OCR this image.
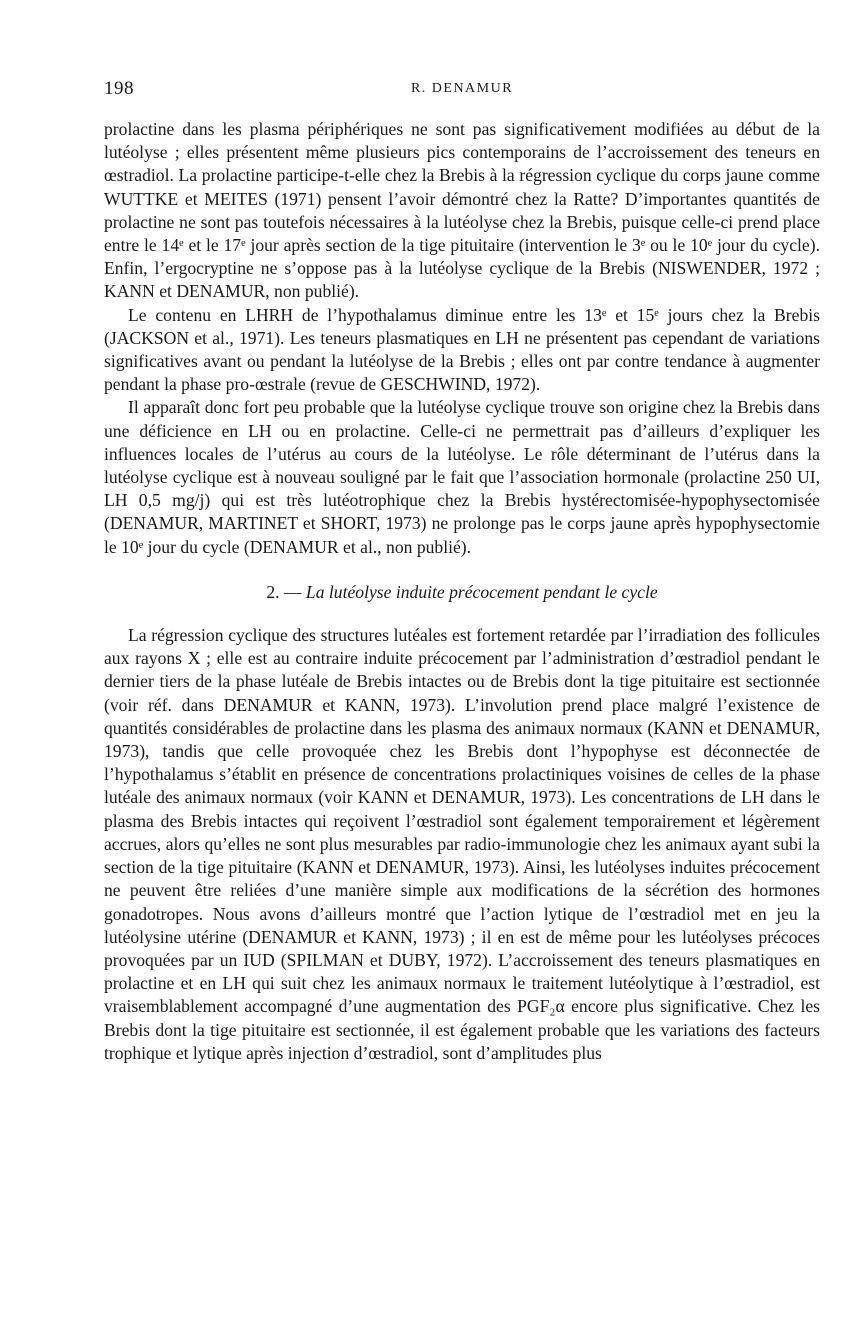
198	R. DENAMUR

prolactine dans les plasma périphériques ne sont pas significativement modifiées au début de la lutéolyse ; elles présentent même plusieurs pics contemporains de l’accroissement des teneurs en œstradiol. La prolactine participe-t-elle chez la Brebis à la régression cyclique du corps jaune comme WUTTKE et MEITES (1971) pensent l’avoir démontré chez la Ratte? D’importantes quantités de prolactine ne sont pas toutefois nécessaires à la lutéolyse chez la Brebis, puisque celle-ci prend place entre le 14ᵉ et le 17ᵉ jour après section de la tige pituitaire (intervention le 3ᵉ ou le 10ᵉ jour du cycle). Enfin, l’ergocryptine ne s’oppose pas à la lutéolyse cyclique de la Brebis (NISWENDER, 1972 ; KANN et DENAMUR, non publié).

Le contenu en LHRH de l’hypothalamus diminue entre les 13ᵉ et 15ᵉ jours chez la Brebis (JACKSON et al., 1971). Les teneurs plasmatiques en LH ne présentent pas cependant de variations significatives avant ou pendant la lutéolyse de la Brebis ; elles ont par contre tendance à augmenter pendant la phase pro-œstrale (revue de GESCHWIND, 1972).

Il apparaît donc fort peu probable que la lutéolyse cyclique trouve son origine chez la Brebis dans une déficience en LH ou en prolactine. Celle-ci ne permettrait pas d’ailleurs d’expliquer les influences locales de l’utérus au cours de la lutéolyse. Le rôle déterminant de l’utérus dans la lutéolyse cyclique est à nouveau souligné par le fait que l’association hormonale (prolactine 250 UI, LH 0,5 mg/j) qui est très lutéotrophique chez la Brebis hystérectomisée-hypophysectomisée (DENAMUR, MARTINET et SHORT, 1973) ne prolonge pas le corps jaune après hypophysectomie le 10ᵉ jour du cycle (DENAMUR et al., non publié).

2. — La lutéolyse induite précocement pendant le cycle

La régression cyclique des structures lutéales est fortement retardée par l’irradiation des follicules aux rayons X ; elle est au contraire induite précocement par l’administration d’œstradiol pendant le dernier tiers de la phase lutéale de Brebis intactes ou de Brebis dont la tige pituitaire est sectionnée (voir réf. dans DENAMUR et KANN, 1973). L’involution prend place malgré l’existence de quantités considérables de prolactine dans les plasma des animaux normaux (KANN et DENAMUR, 1973), tandis que celle provoquée chez les Brebis dont l’hypophyse est déconnectée de l’hypothalamus s’établit en présence de concentrations prolactiniques voisines de celles de la phase lutéale des animaux normaux (voir KANN et DENAMUR, 1973). Les concentrations de LH dans le plasma des Brebis intactes qui reçoivent l’œstradiol sont également temporairement et légèrement accrues, alors qu’elles ne sont plus mesurables par radio-immunologie chez les animaux ayant subi la section de la tige pituitaire (KANN et DENAMUR, 1973). Ainsi, les lutéolyses induites précocement ne peuvent être reliées d’une manière simple aux modifications de la sécrétion des hormones gonadotropes. Nous avons d’ailleurs montré que l’action lytique de l’œstradiol met en jeu la lutéolysine utérine (DENAMUR et KANN, 1973) ; il en est de même pour les lutéolyses précoces provoquées par un IUD (SPILMAN et DUBY, 1972). L’accroissement des teneurs plasmatiques en prolactine et en LH qui suit chez les animaux normaux le traitement lutéolytique à l’œstradiol, est vraisemblablement accompagné d’une augmentation des PGF₂α encore plus significative. Chez les Brebis dont la tige pituitaire est sectionnée, il est également probable que les variations des facteurs trophique et lytique après injection d’œstradiol, sont d’amplitudes plus
